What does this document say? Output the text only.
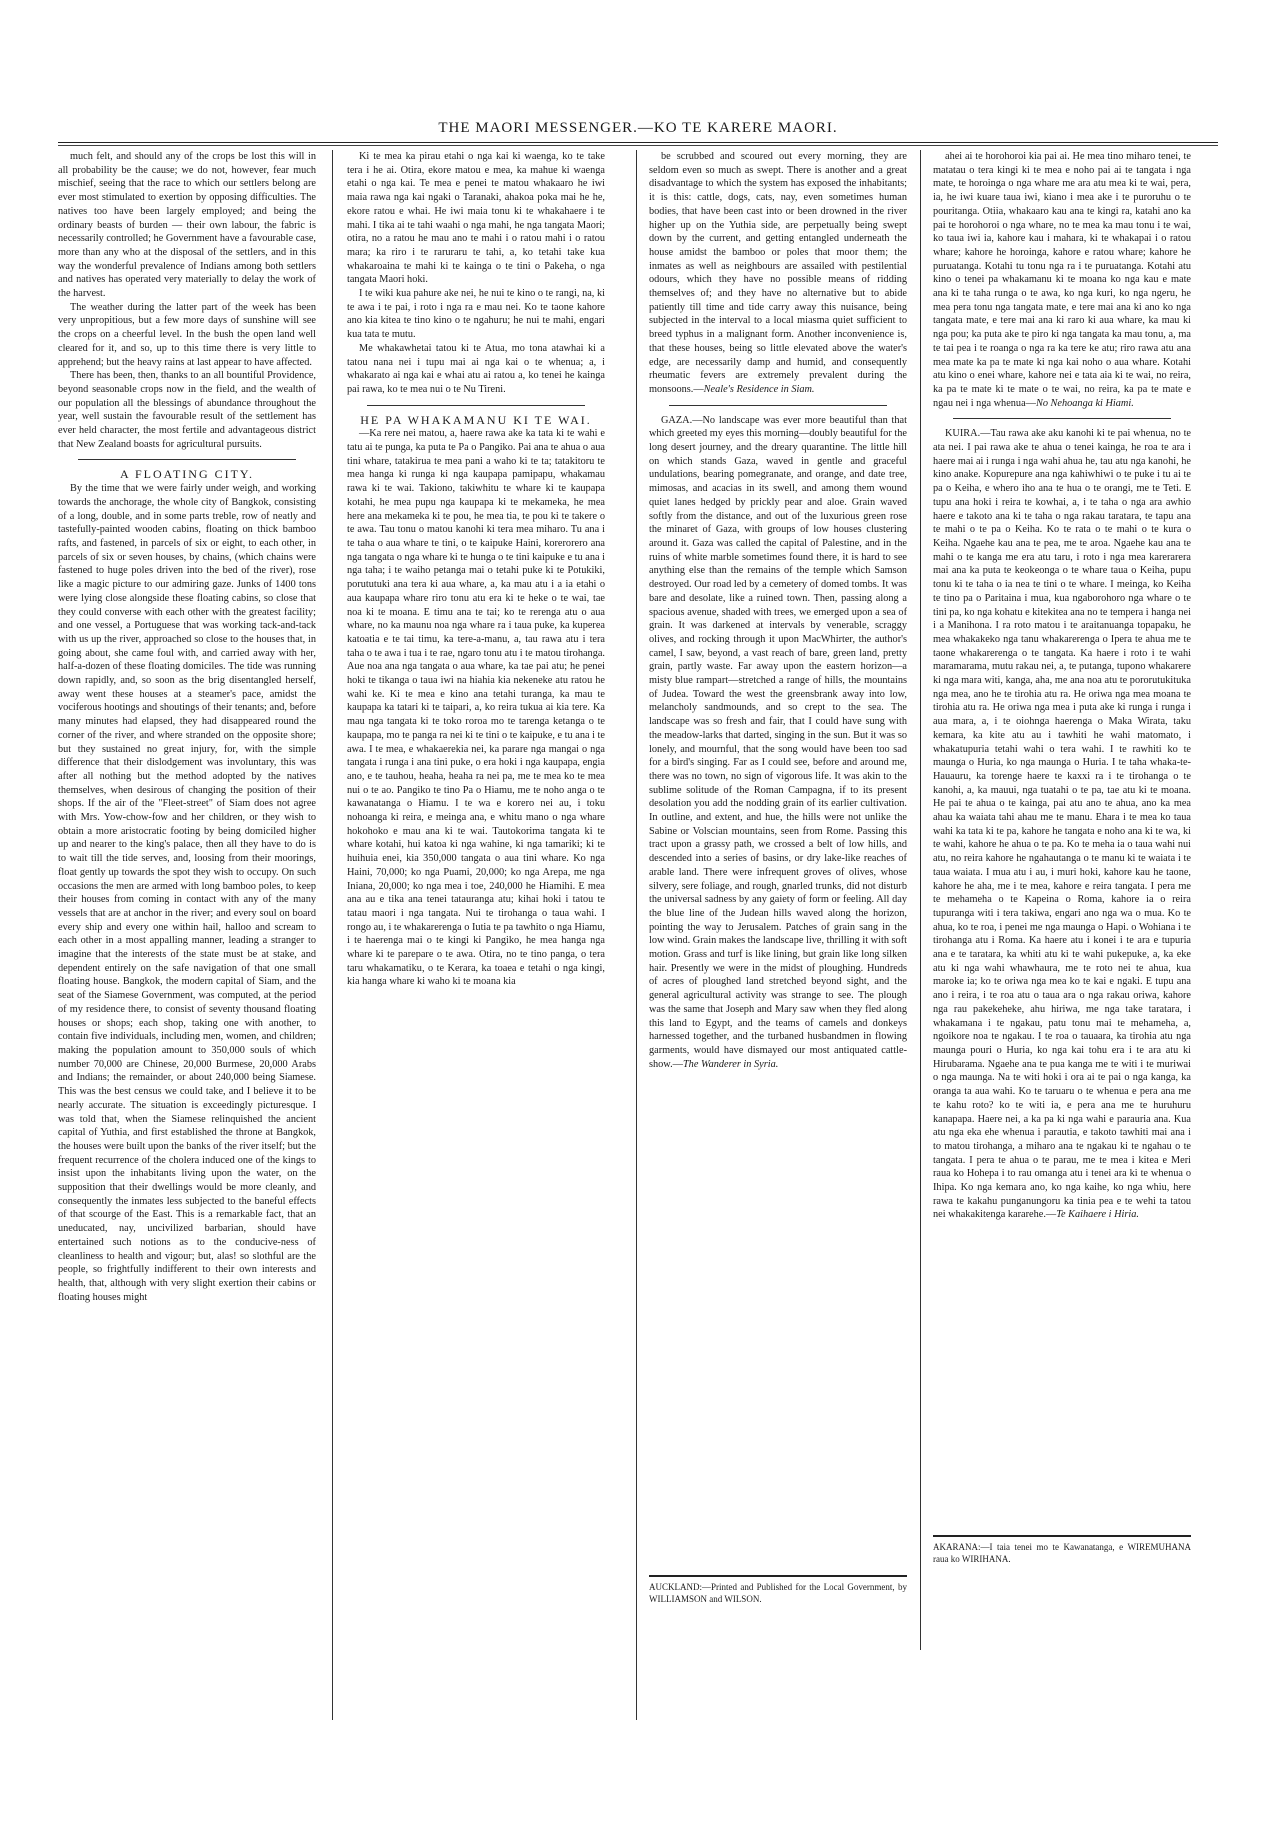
THE MAORI MESSENGER.—KO TE KARERE MAORI.

much felt, and should any of the crops be lost this will in all probability be the cause; we do not, however, fear much mischief, seeing that the race to which our settlers belong are ever most stimulated to exertion by opposing difficulties. The natives too have been largely employed; and being the ordinary beasts of burden — their own labour, the fabric is necessarily controlled; he Government have a favourable case, more than any who at the disposal of the settlers, and in this way the wonderful prevalence of Indians among both settlers and natives has operated very materially to delay the work of the harvest.

The weather during the latter part of the week has been very unpropitious, but a few more days of sunshine will see the crops on a cheerful level. In the bush the open land well cleared for it, and so, up to this time there is very little to apprehend; but the heavy rains at last appear to have affected.

There has been, then, thanks to an all bountiful Providence, beyond seasonable crops now in the field, and the wealth of our population all the blessings of abundance throughout the year, well sustain the favourable result of the settlement has ever held character, the most fertile and advantageous district that New Zealand boasts for agricultural pursuits.

A FLOATING CITY.

By the time that we were fairly under weigh, and working towards the anchorage, the whole city of Bangkok, consisting of a long, double, and in some parts treble, row of neatly and tastefully-painted wooden cabins, floating on thick bamboo rafts, and fastened, in parcels of six or eight, to each other, in parcels of six or seven houses, by chains, (which chains were fastened to huge poles driven into the bed of the river), rose like a magic picture to our admiring gaze. Junks of 1400 tons were lying close alongside these floating cabins, so close that they could converse with each other with the greatest facility; and one vessel, a Portuguese that was working tack-and-tack with us up the river, approached so close to the houses that, in going about, she came foul with, and carried away with her, half-a-dozen of these floating domiciles. The tide was running down rapidly, and, so soon as the brig disentangled herself, away went these houses at a steamer's pace, amidst the vociferous hootings and shoutings of their tenants; and, before many minutes had elapsed, they had disappeared round the corner of the river, and where stranded on the opposite shore; but they sustained no great injury, for, with the simple difference that their dislodgement was involuntary, this was after all nothing but the method adopted by the natives themselves, when desirous of changing the position of their shops. If the air of the "Fleet-street" of Siam does not agree with Mrs. Yow-chow-fow and her children, or they wish to obtain a more aristocratic footing by being domiciled higher up and nearer to the king's palace, then all they have to do is to wait till the tide serves, and, loosing from their moorings, float gently up towards the spot they wish to occupy. On such occasions the men are armed with long bamboo poles, to keep their houses from coming in contact with any of the many vessels that are at anchor in the river; and every soul on board every ship and every one within hail, halloo and scream to each other in a most appalling manner, leading a stranger to imagine that the interests of the state must be at stake, and dependent entirely on the safe navigation of that one small floating house. Bangkok, the modern capital of Siam, and the seat of the Siamese Government, was computed, at the period of my residence there, to consist of seventy thousand floating houses or shops; each shop, taking one with another, to contain five individuals, including men, women, and children; making the population amount to 350,000 souls of which number 70,000 are Chinese, 20,000 Burmese, 20,000 Arabs and Indians; the remainder, or about 240,000 being Siamese. This was the best census we could take, and I believe it to be nearly accurate. The situation is exceedingly picturesque. I was told that, when the Siamese relinquished the ancient capital of Yuthia, and first established the throne at Bangkok, the houses were built upon the banks of the river itself; but the frequent recurrence of the cholera induced one of the kings to insist upon the inhabitants living upon the water, on the supposition that their dwellings would be more cleanly, and consequently the inmates less subjected to the baneful effects of that scourge of the East. This is a remarkable fact, that an uneducated, nay, uncivilized barbarian, should have entertained such notions as to the conducive-ness of cleanliness to health and vigour; but, alas! so slothful are the people, so frightfully indifferent to their own interests and health, that, although with very slight exertion their cabins or floating houses might

Ki te mea ka pirau etahi o nga kai ki waenga, ko te take tera i he ai. Otira, ekore matou e mea, ka mahue ki waenga etahi o nga kai. Te mea e penei te matou whakaaro he iwi maia rawa nga kai ngaki o Taranaki, ahakoa poka mai he he, ekore ratou e whai. He iwi maia tonu ki te whakahaere i te mahi. I tika ai te tahi waahi o nga mahi, he nga tangata Maori; otira, no a ratou he mau ano te mahi i o ratou mahi i o ratou mara; ka riro i te raruraru te tahi, a, ko tetahi take kua whakaroaina te mahi ki te kainga o te tini o Pakeha, o nga tangata Maori hoki.

I te wiki kua pahure ake nei, he nui te kino o te rangi, na, ki te awa i te pai, i roto i nga ra e mau nei. Ko te taone kahore ano kia kitea te tino kino o te ngahuru; he nui te mahi, engari kua tata te mutu.

Me whakawhetai tatou ki te Atua, mo tona atawhai ki a tatou nana nei i tupu mai ai nga kai o te whenua; a, i whakarato ai nga kai e whai atu ai ratou a, ko tenei he kainga pai rawa, ko te mea nui o te Nu Tireni.

HE PA WHAKAMANU KI TE WAI.

—Ka rere nei matou, a, haere rawa ake ka tata ki te wahi e tatu ai te punga, ka puta te Pa o Pangiko. Pai ana te ahua o aua tini whare, tatakirua te mea pani a waho ki te ta; tatakitoru te mea hanga ki runga ki nga kaupapa pamipapu, whakamau rawa ki te wai. Takiono, takiwhitu te whare ki te kaupapa kotahi, he mea pupu nga kaupapa ki te mekameka, he mea here ana mekameka ki te pou, he mea tia, te pou ki te takere o te awa. Tau tonu o matou kanohi ki tera mea miharo. Tu ana i te taha o aua whare te tini, o te kaipuke Haini, korerorero ana nga tangata o nga whare ki te hunga o te tini kaipuke e tu ana i nga taha; i te waiho petanga mai o tetahi puke ki te Potukiki, porututuki ana tera ki aua whare, a, ka mau atu i a ia etahi o aua kaupapa whare riro tonu atu era ki te heke o te wai, tae noa ki te moana. E timu ana te tai; ko te rerenga atu o aua whare, no ka maunu noa nga whare ra i taua puke, ka kuperea katoatia e te tai timu, ka tere-a-manu, a, tau rawa atu i tera taha o te awa i tua i te rae, ngaro tonu atu i te matou tirohanga. Aue noa ana nga tangata o aua whare, ka tae pai atu; he penei hoki te tikanga o taua iwi na hiahia kia nekeneke atu ratou he wahi ke. Ki te mea e kino ana tetahi turanga, ka mau te kaupapa ka tatari ki te taipari, a, ko reira tukua ai kia tere. Ka mau nga tangata ki te toko roroa mo te tarenga ketanga o te kaupapa, mo te panga ra nei ki te tini o te kaipuke, e tu ana i te awa. I te mea, e whakaerekia nei, ka parare nga mangai o nga tangata i runga i ana tini puke, o era hoki i nga kaupapa, engia ano, e te tauhou, heaha, heaha ra nei pa, me te mea ko te mea nui o te ao. Pangiko te tino Pa o Hiamu, me te noho anga o te kawanatanga o Hiamu. I te wa e korero nei au, i toku nohoanga ki reira, e meinga ana, e whitu mano o nga whare hokohoko e mau ana ki te wai. Tautokorima tangata ki te whare kotahi, hui katoa ki nga wahine, ki nga tamariki; ki te huihuia enei, kia 350,000 tangata o aua tini whare. Ko nga Haini, 70,000; ko nga Puami, 20,000; ko nga Arepa, me nga Iniana, 20,000; ko nga mea i toe, 240,000 he Hiamihi. E mea ana au e tika ana tenei tatauranga atu; kihai hoki i tatou te tatau maori i nga tangata. Nui te tirohanga o taua wahi. I rongo au, i te whakarerenga o Iutia te pa tawhito o nga Hiamu, i te haerenga mai o te kingi ki Pangiko, he mea hanga nga whare ki te parepare o te awa. Otira, no te tino panga, o tera taru whakamatiku, o te Kerara, ka toaea e tetahi o nga kingi, kia hanga whare ki waho ki te moana kia

be scrubbed and scoured out every morning, they are seldom even so much as swept. There is another and a great disadvantage to which the system has exposed the inhabitants; it is this: cattle, dogs, cats, nay, even sometimes human bodies, that have been cast into or been drowned in the river higher up on the Yuthia side, are perpetually being swept down by the current, and getting entangled underneath the house amidst the bamboo or poles that moor them; the inmates as well as neighbours are assailed with pestilential odours, which they have no possible means of ridding themselves of; and they have no alternative but to abide patiently till time and tide carry away this nuisance, being subjected in the interval to a local miasma quiet sufficient to breed typhus in a malignant form. Another inconvenience is, that these houses, being so little elevated above the water's edge, are necessarily damp and humid, and consequently rheumatic fevers are extremely prevalent during the monsoons.—Neale's Residence in Siam.

GAZA.—No landscape was ever more beautiful than that which greeted my eyes this morning—doubly beautiful for the long desert journey, and the dreary quarantine. The little hill on which stands Gaza, waved in gentle and graceful undulations, bearing pomegranate, and orange, and date tree, mimosas, and acacias in its swell, and among them wound quiet lanes hedged by prickly pear and aloe. Grain waved softly from the distance, and out of the luxurious green rose the minaret of Gaza, with groups of low houses clustering around it. Gaza was called the capital of Palestine, and in the ruins of white marble sometimes found there, it is hard to see anything else than the remains of the temple which Samson destroyed. Our road led by a cemetery of domed tombs. It was bare and desolate, like a ruined town. Then, passing along a spacious avenue, shaded with trees, we emerged upon a sea of grain. It was darkened at intervals by venerable, scraggy olives, and rocking through it upon MacWhirter, the author's camel, I saw, beyond, a vast reach of bare, green land, pretty grain, partly waste. Far away upon the eastern horizon—a misty blue rampart—stretched a range of hills, the mountains of Judea. Toward the west the greensbrank away into low, melancholy sandmounds, and so crept to the sea. The landscape was so fresh and fair, that I could have sung with the meadow-larks that darted, singing in the sun. But it was so lonely, and mournful, that the song would have been too sad for a bird's singing. Far as I could see, before and around me, there was no town, no sign of vigorous life. It was akin to the sublime solitude of the Roman Campagna, if to its present desolation you add the nodding grain of its earlier cultivation. In outline, and extent, and hue, the hills were not unlike the Sabine or Volscian mountains, seen from Rome. Passing this tract upon a grassy path, we crossed a belt of low hills, and descended into a series of basins, or dry lake-like reaches of arable land. There were infrequent groves of olives, whose silvery, sere foliage, and rough, gnarled trunks, did not disturb the universal sadness by any gaiety of form or feeling. All day the blue line of the Judean hills waved along the horizon, pointing the way to Jerusalem. Patches of grain sang in the low wind. Grain makes the landscape live, thrilling it with soft motion. Grass and turf is like lining, but grain like long silken hair. Presently we were in the midst of ploughing. Hundreds of acres of ploughed land stretched beyond sight, and the general agricultural activity was strange to see. The plough was the same that Joseph and Mary saw when they fled along this land to Egypt, and the teams of camels and donkeys harnessed together, and the turbaned husbandmen in flowing garments, would have dismayed our most antiquated cattle-show.—The Wanderer in Syria.

AUCKLAND:—Printed and Published for the Local Government, by WILLIAMSON and WILSON.

ahei ai te horohoroi kia pai ai. He mea tino miharo tenei, te matatau o tera kingi ki te mea e noho pai ai te tangata i nga mate, te horoinga o nga whare me ara atu mea ki te wai, pera, ia, he iwi kuare taua iwi, kiano i mea ake i te puroruhu o te pouritanga. Otiia, whakaaro kau ana te kingi ra, katahi ano ka pai te horohoroi o nga whare, no te mea ka mau tonu i te wai, ko taua iwi ia, kahore kau i mahara, ki te whakapai i o ratou whare; kahore he horoinga, kahore e ratou whare; kahore he puruatanga. Kotahi tu tonu nga ra i te puruatanga. Kotahi atu kino o tenei pa whakamanu ki te moana ko nga kau e mate ana ki te taha runga o te awa, ko nga kuri, ko nga ngeru, he mea pera tonu nga tangata mate, e tere mai ana ki ano ko nga tangata mate, e tere mai ana ki raro ki aua whare, ka mau ki nga pou; ka puta ake te piro ki nga tangata ka mau tonu, a, ma te tai pea i te roanga o nga ra ka tere ke atu; riro rawa atu ana mea mate ka pa te mate ki nga kai noho o aua whare. Kotahi atu kino o enei whare, kahore nei e tata aia ki te wai, no reira, ka pa te mate ki te mate o te wai, no reira, ka pa te mate e ngau nei i nga whenua—No Nehoanga ki Hiami.

KUIRA.—Tau rawa ake aku kanohi ki te pai whenua, no te ata nei. I pai rawa ake te ahua o tenei kainga, he roa te ara i haere mai ai i runga i nga wahi ahua he, tau atu nga kanohi, he kino anake. Kopurepure ana nga kahiwhiwi o te puke i tu ai te pa o Keiha, e whero iho ana te hua o te orangi, me te Teti. E tupu ana hoki i reira te kowhai, a, i te taha o nga ara awhio haere e takoto ana ki te taha o nga rakau taratara, te tapu ana te mahi o te pa o Keiha. Ko te rata o te mahi o te kura o Keiha. Ngaehe kau ana te pea, me te aroa. Ngaehe kau ana te mahi o te kanga me era atu taru, i roto i nga mea karerarera mai ana ka puta te keokeonga o te whare taua o Keiha, pupu tonu ki te taha o ia nea te tini o te whare. I meinga, ko Keiha te tino pa o Paritaina i mua, kua ngaborohoro nga whare o te tini pa, ko nga kohatu e kitekitea ana no te tempera i hanga nei i a Manihona. I ra roto matou i te araitanuanga topapaku, he mea whakakeko nga tanu whakarerenga o Ipera te ahua me te taone whakarerenga o te tangata. Ka haere i roto i te wahi maramarama, mutu rakau nei, a, te putanga, tupono whakarere ki nga mara witi, kanga, aha, me ana noa atu te pororutukituka nga mea, ano he te tirohia atu ra. He oriwa nga mea moana te tirohia atu ra. He oriwa nga mea i puta ake ki runga i runga i aua mara, a, i te oiohnga haerenga o Maka Wirata, taku kemara, ka kite atu au i tawhiti he wahi matomato, i whakatupuria tetahi wahi o tera wahi. I te rawhiti ko te maunga o Huria, ko nga maunga o Huria. I te taha whaka-te-Hauauru, ka torenge haere te kaxxi ra i te tirohanga o te kanohi, a, ka mauui, nga tuatahi o te pa, tae atu ki te moana. He pai te ahua o te kainga, pai atu ano te ahua, ano ka mea ahau ka waiata tahi ahau me te manu. Ehara i te mea ko taua wahi ka tata ki te pa, kahore he tangata e noho ana ki te wa, ki te wahi, kahore he ahua o te pa. Ko te meha ia o taua wahi nui atu, no reira kahore he ngahautanga o te manu ki te waiata i te taua waiata. I mua atu i au, i muri hoki, kahore kau he taone, kahore he aha, me i te mea, kahore e reira tangata. I pera me te mehameha o te Kapeina o Roma, kahore ia o reira tupuranga witi i tera takiwa, engari ano nga wa o mua. Ko te ahua, ko te roa, i penei me nga maunga o Hapi. o Wohiana i te tirohanga atu i Roma. Ka haere atu i konei i te ara e tupuria ana e te taratara, ka whiti atu ki te wahi pukepuke, a, ka eke atu ki nga wahi whawhaura, me te roto nei te ahua, kua maroke ia; ko te oriwa nga mea ko te kai e ngaki. E tupu ana ano i reira, i te roa atu o taua ara o nga rakau oriwa, kahore nga rau pakekeheke, ahu hiriwa, me nga take taratara, i whakamana i te ngakau, patu tonu mai te mehameha, a, ngoikore noa te ngakau. I te roa o tauaara, ka tirohia atu nga maunga pouri o Huria, ko nga kai tohu era i te ara atu ki Hirubarama. Ngaehe ana te pua kanga me te witi i te muriwai o nga maunga. Na te witi hoki i ora ai te pai o nga kanga, ka oranga ta aua wahi. Ko te taruaru o te whenua e pera ana me te kahu roto? ko te witi ia, e pera ana me te huruhuru kanapapa. Haere nei, a ka pa ki nga wahi e parauria ana. Kua atu nga eka ehe whenua i parautia, e takoto tawhiti mai ana i to matou tirohanga, a miharo ana te ngakau ki te ngahau o te tangata. I pera te ahua o te parau, me te mea i kitea e Meri raua ko Hohepa i to rau omanga atu i tenei ara ki te whenua o Ihipa. Ko nga kemara ano, ko nga kaihe, ko nga whiu, here rawa te kakahu punganungoru ka tinia pea e te wehi ta tatou nei whakakitenga kararehe.—Te Kaihaere i Hiria.

AKARANA:—I taia tenei mo te Kawanatanga, e WIREMUHANA raua ko WIRIHANA.
